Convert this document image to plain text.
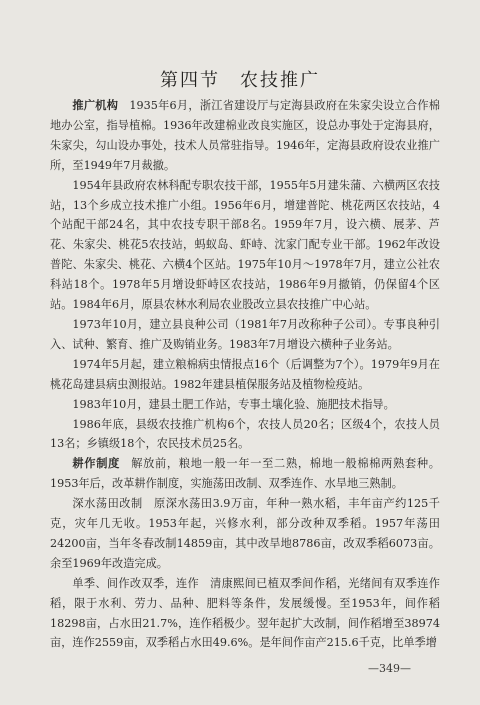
第四节　农技推广

推广机构 1935年6月，浙江省建设厅与定海县政府在朱家尖设立合作棉地办公室，指导植棉。1936年改建棉业改良实施区，设总办事处于定海县府，朱家尖，勾山设办事处，技术人员常驻指导。1946年，定海县政府设农业推广所，至1949年7月裁撤。

1954年县政府农林科配专职农技干部，1955年5月建朱蒲、六横两区农技站，13个乡成立技术推广小组。1956年6月，增建普陀、桃花两区农技站，4个站配干部24名，其中农技专职干部8名。1959年7月，设六横、展茅、芦花、朱家尖、桃花5农技站，蚂蚁岛、虾峙、沈家门配专业干部。1962年改设普陀、朱家尖、桃花、六横4个区站。1975年10月～1978年7月，建立公社农科站18个。1978年5月增设虾峙区农技站，1986年9月撤销，仍保留4个区站。1984年6月，原县农林水利局农业股改立县农技推广中心站。

1973年10月，建立县良种公司（1981年7月改称种子公司）。专事良种引入、试种、繁育、推广及购销业务。1983年7月增设六横种子业务站。

1974年5月起，建立粮棉病虫情报点16个（后调整为7个）。1979年9月在桃花岛建县病虫测报站。1982年建县植保服务站及植物检疫站。

1983年10月，建县土肥工作站，专事土壤化验、施肥技术指导。

1986年底，县级农技推广机构6个，农技人员20名；区级4个，农技人员13名；乡镇级18个，农民技术员25名。

耕作制度 解放前，粮地一般一年一至二熟，棉地一般棉棉两熟套种。1953年后，改革耕作制度，实施荡田改制、双季连作、水旱地三熟制。

深水荡田改制 原深水荡田3.9万亩，年种一熟水稻，丰年亩产约125千克，灾年几无收。1953年起，兴修水利，部分改种双季稻。1957年荡田24200亩，当年冬春改制14859亩，其中改旱地8786亩，改双季稻6073亩。余至1969年改造完成。

单季、间作改双季，连作 清康熙间已植双季间作稻，光绪间有双季连作稻，限于水利、劳力、品种、肥料等条件，发展缓慢。至1953年，间作稻18298亩，占水田21.7%，连作稻极少。翌年起扩大改制，间作稻增至38974亩，连作2559亩，双季稻占水田49.6%。是年间作亩产215.6千克，比单季增

—349—
